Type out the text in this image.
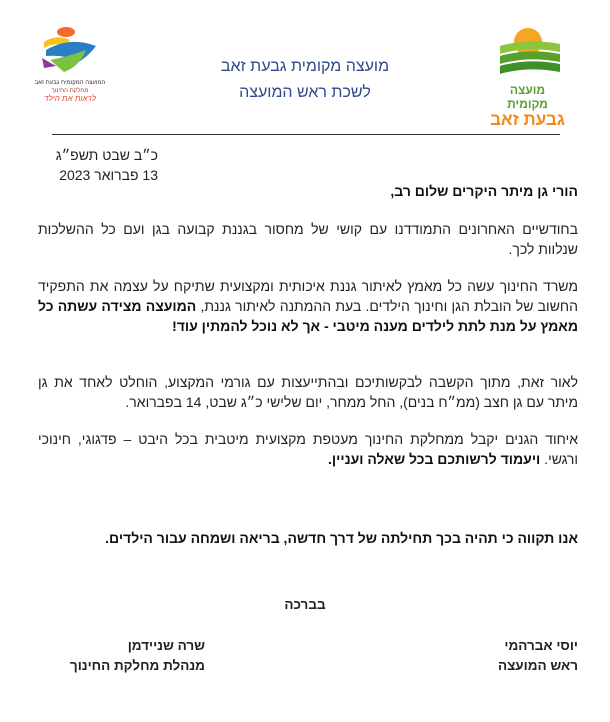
מועצה מקומית
גבעת זאב
המועצה המקומית גבעת זאב
מחלקת החינוך
לראות את הילד
מועצה מקומית גבעת זאב
לשכת ראש המועצה
כ״ב שבט תשפ״ג
13 פברואר 2023
הורי גן מיתר היקרים שלום רב,
בחודשיים האחרונים התמודדנו עם קושי של מחסור בגננת קבועה בגן ועם כל ההשלכות שנלוות לכך.
משרד החינוך עשה כל מאמץ לאיתור גננת איכותית ומקצועית שתיקח על עצמה את התפקיד החשוב של הובלת הגן וחינוך הילדים. בעת ההמתנה לאיתור גננת, המועצה מצידה עשתה כל מאמץ על מנת לתת לילדים מענה מיטבי - אך לא נוכל להמתין עוד!
לאור זאת, מתוך הקשבה לבקשותיכם ובהתייעצות עם גורמי המקצוע, הוחלט לאחד את גן מיתר עם גן חצב (ממ״ח בנים), החל ממחר, יום שלישי כ״ג שבט, 14 בפברואר.
איחוד הגנים יקבל ממחלקת החינוך מעטפת מקצועית מיטבית בכל היבט – פדגוגי, חינוכי ורגשי. ויעמוד לרשותכם בכל שאלה ועניין.
אנו תקווה כי תהיה בכך תחילתה של דרך חדשה, בריאה ושמחה עבור הילדים.
בברכה
יוסי אברהמי
ראש המועצה
שרה שניידמן
מנהלת מחלקת החינוך
